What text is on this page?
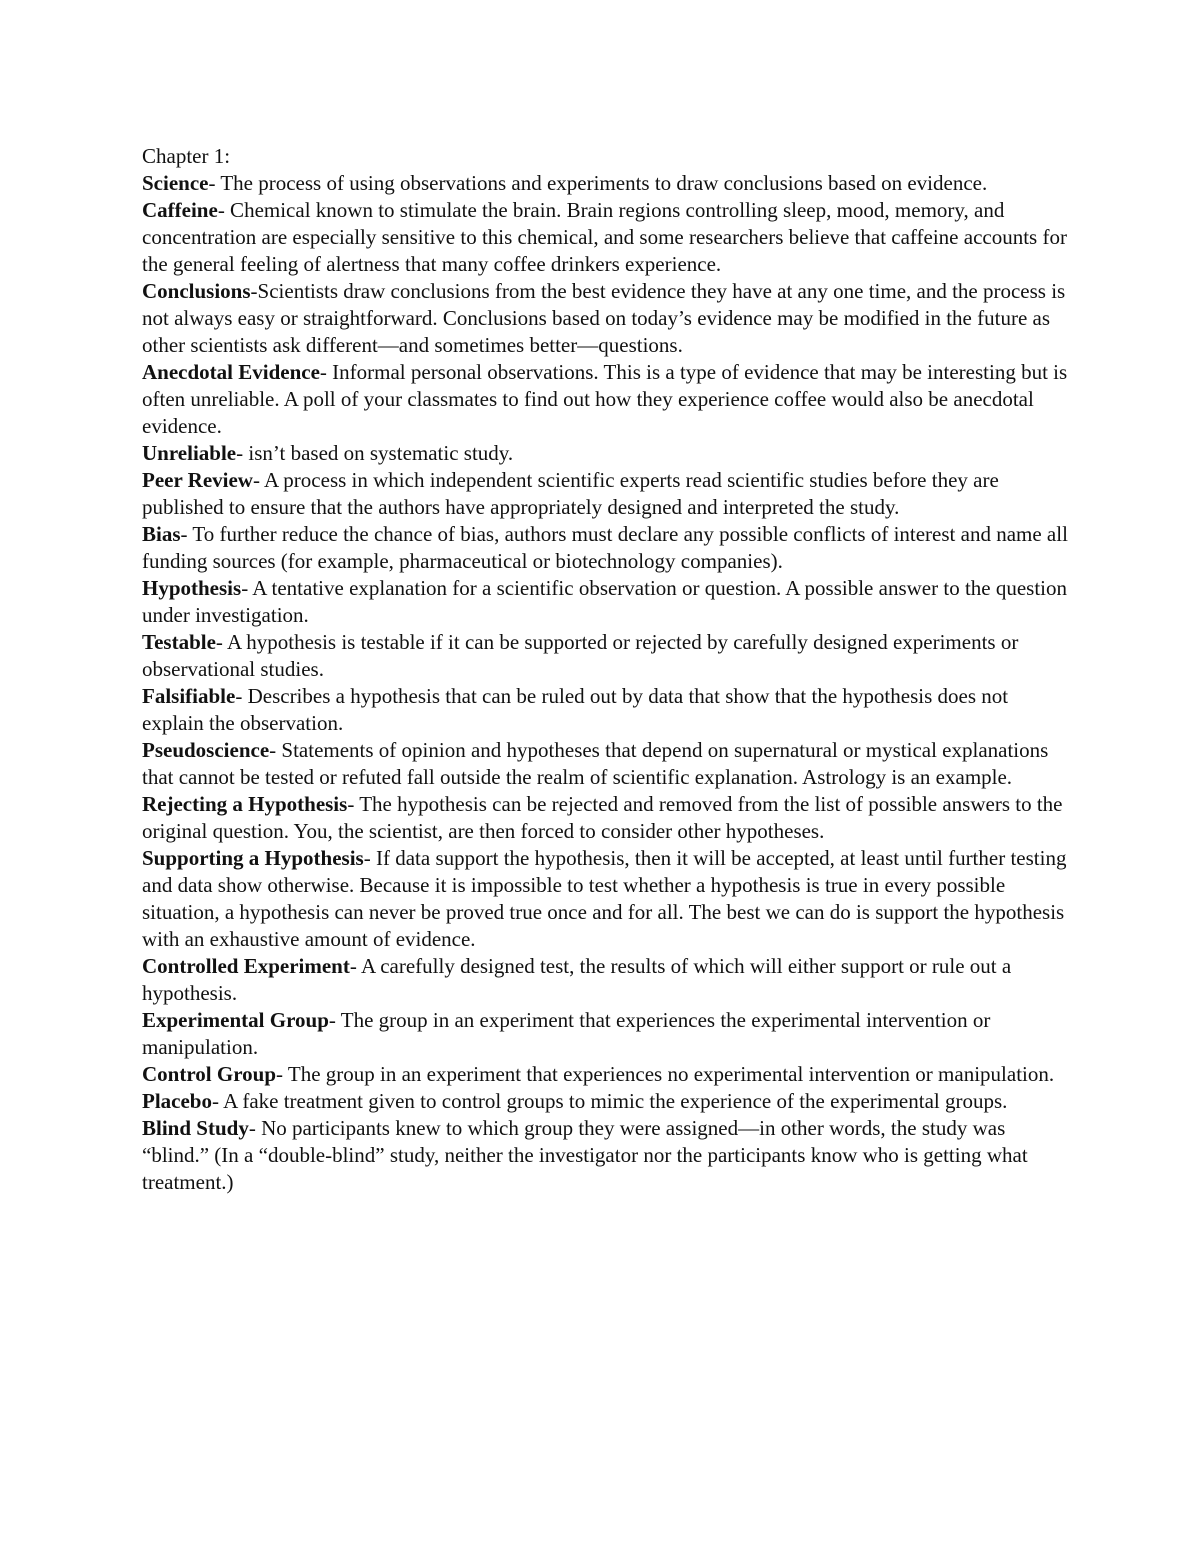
Chapter 1:

Science- The process of using observations and experiments to draw conclusions based on evidence.

Caffeine- Chemical known to stimulate the brain. Brain regions controlling sleep, mood, memory, and concentration are especially sensitive to this chemical, and some researchers believe that caffeine accounts for the general feeling of alertness that many coffee drinkers experience.

Conclusions-Scientists draw conclusions from the best evidence they have at any one time, and the process is not always easy or straightforward. Conclusions based on today’s evidence may be modified in the future as other scientists ask different—and sometimes better—questions.

Anecdotal Evidence- Informal personal observations. This is a type of evidence that may be interesting but is often unreliable. A poll of your classmates to find out how they experience coffee would also be anecdotal evidence.

Unreliable- isn’t based on systematic study.

Peer Review- A process in which independent scientific experts read scientific studies before they are published to ensure that the authors have appropriately designed and interpreted the study.

Bias- To further reduce the chance of bias, authors must declare any possible conflicts of interest and name all funding sources (for example, pharmaceutical or biotechnology companies).

Hypothesis- A tentative explanation for a scientific observation or question. A possible answer to the question under investigation.

Testable- A hypothesis is testable if it can be supported or rejected by carefully designed experiments or observational studies.

Falsifiable- Describes a hypothesis that can be ruled out by data that show that the hypothesis does not explain the observation.

Pseudoscience- Statements of opinion and hypotheses that depend on supernatural or mystical explanations that cannot be tested or refuted fall outside the realm of scientific explanation. Astrology is an example.

Rejecting a Hypothesis- The hypothesis can be rejected and removed from the list of possible answers to the original question. You, the scientist, are then forced to consider other hypotheses.

Supporting a Hypothesis- If data support the hypothesis, then it will be accepted, at least until further testing and data show otherwise. Because it is impossible to test whether a hypothesis is true in every possible situation, a hypothesis can never be proved true once and for all. The best we can do is support the hypothesis with an exhaustive amount of evidence.

Controlled Experiment- A carefully designed test, the results of which will either support or rule out a hypothesis.

Experimental Group- The group in an experiment that experiences the experimental intervention or manipulation.

Control Group- The group in an experiment that experiences no experimental intervention or manipulation.

Placebo- A fake treatment given to control groups to mimic the experience of the experimental groups.

Blind Study- No participants knew to which group they were assigned—in other words, the study was “blind.” (In a “double-blind” study, neither the investigator nor the participants know who is getting what treatment.)
